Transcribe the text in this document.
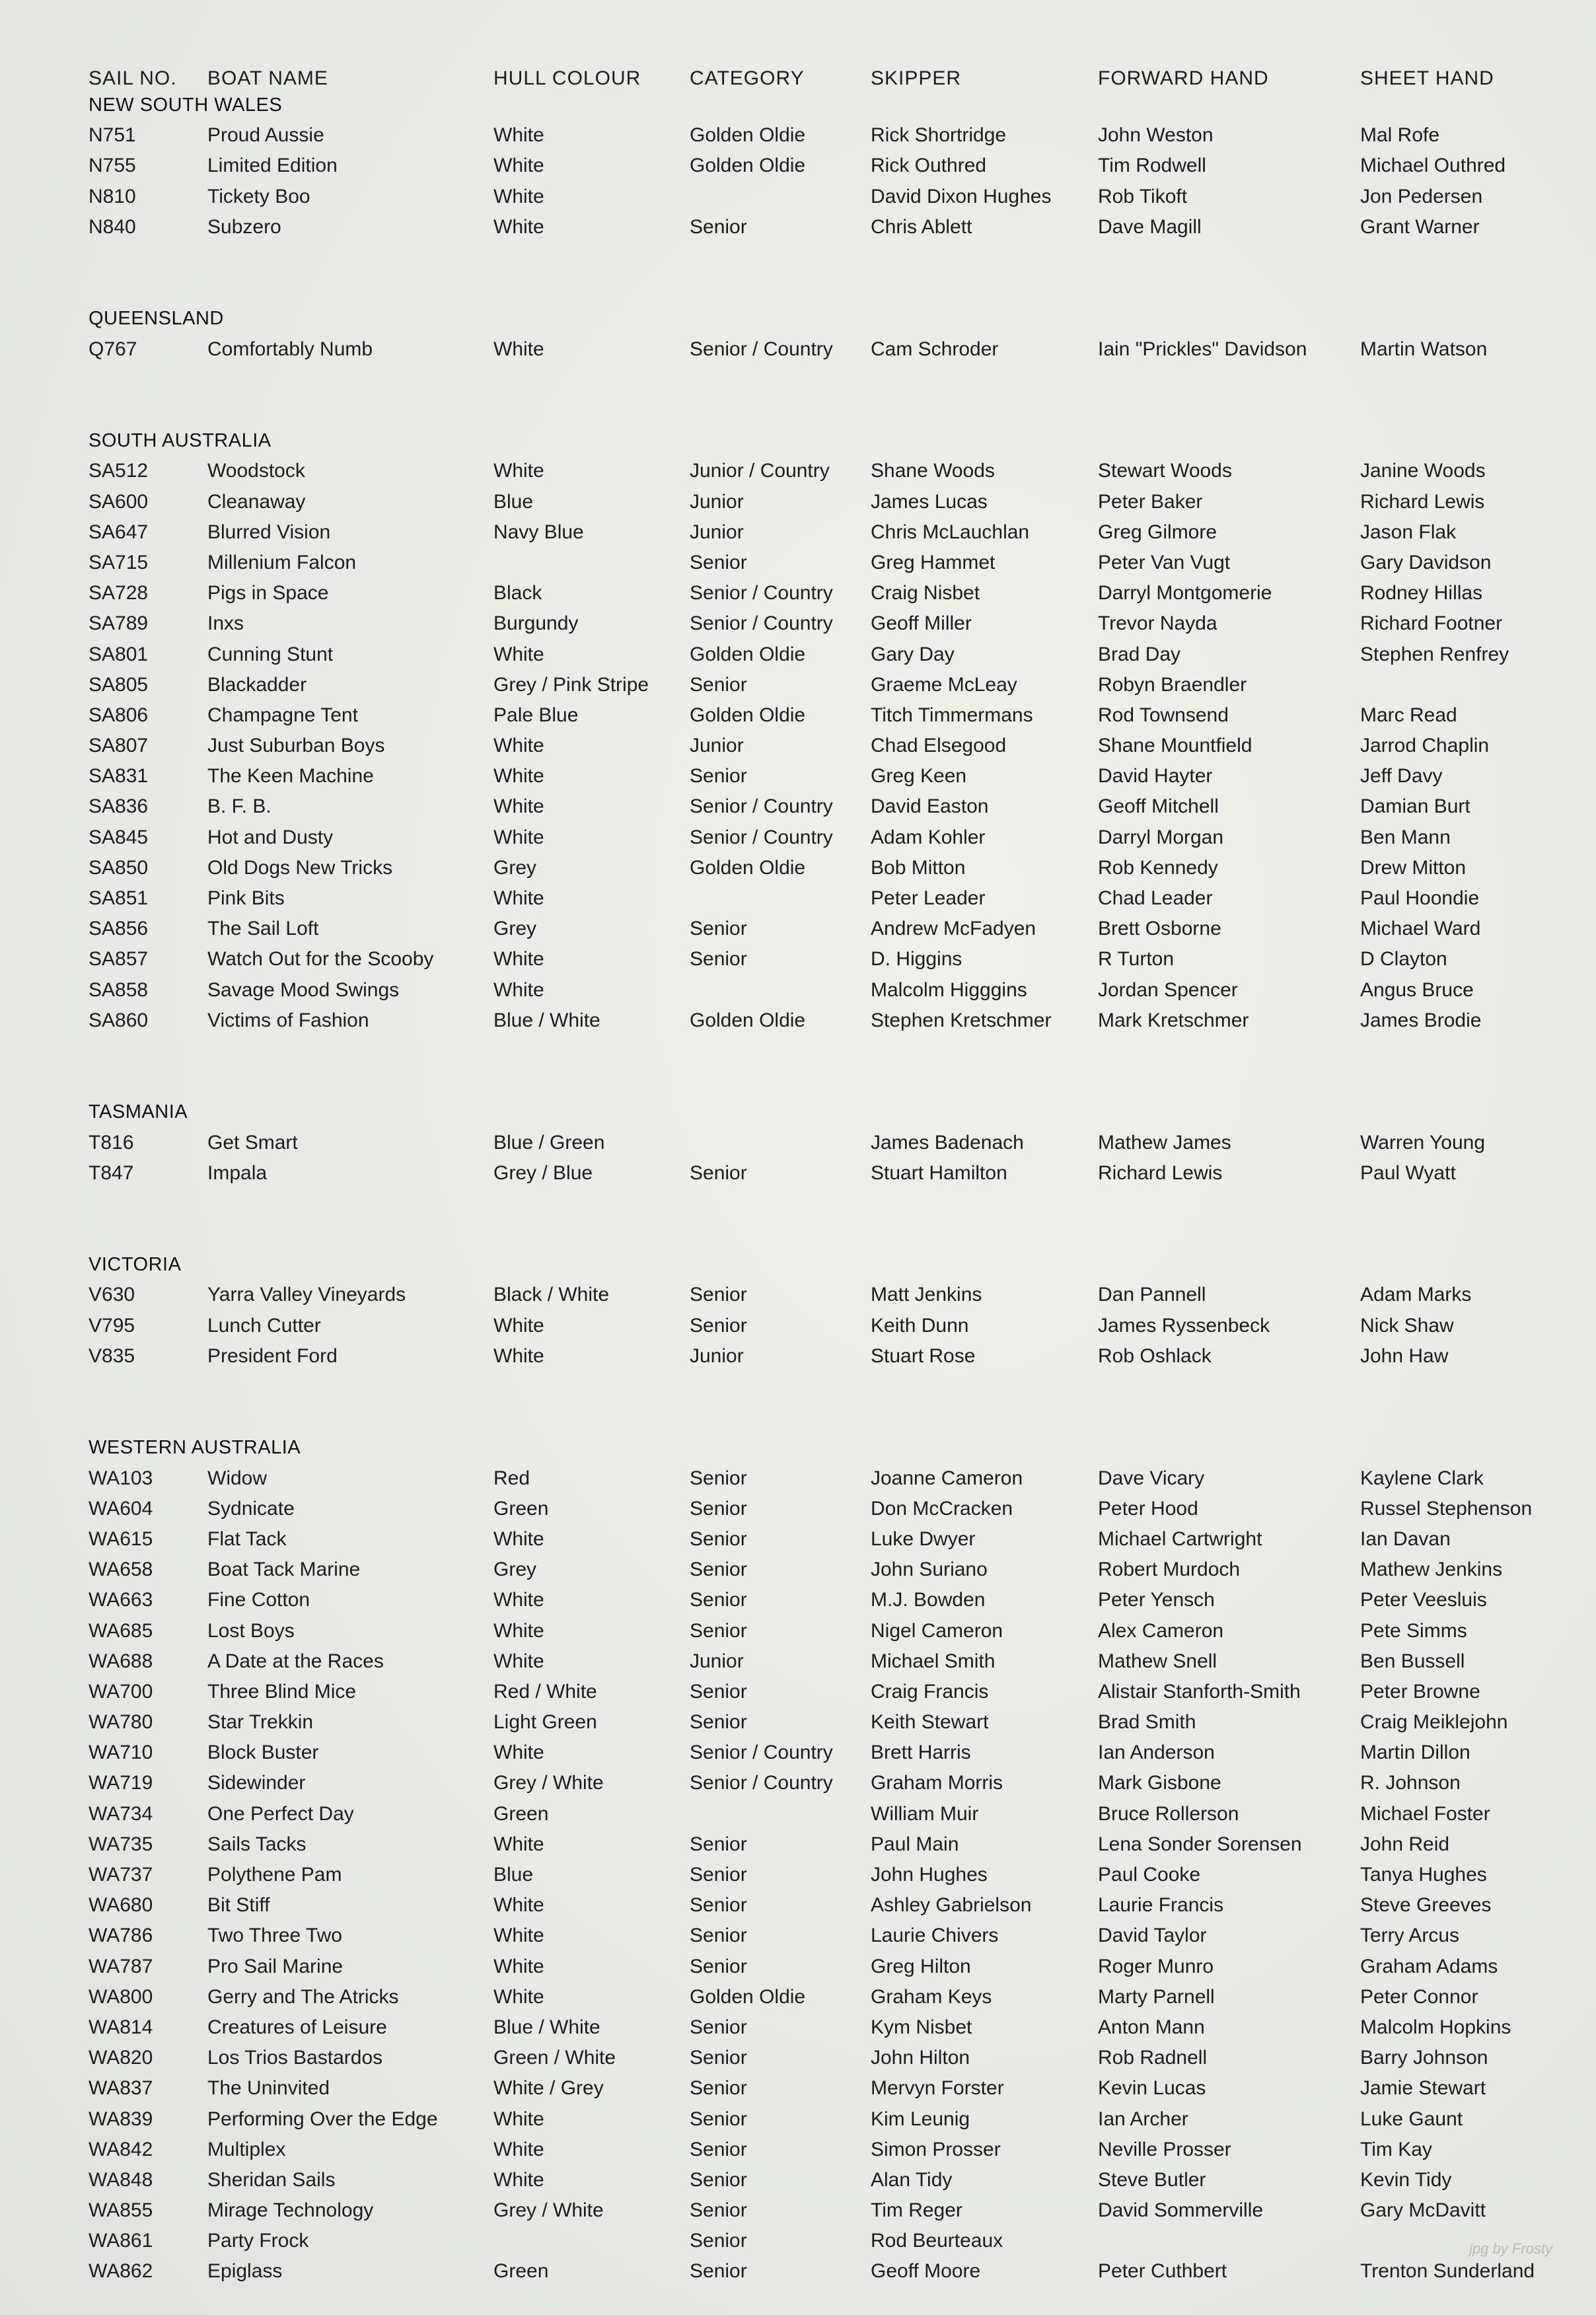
SAIL NO.	BOAT NAME	HULL COLOUR	CATEGORY	SKIPPER	FORWARD HAND	SHEET HAND
NEW SOUTH WALES						
N751	Proud Aussie	White	Golden Oldie	Rick Shortridge	John Weston	Mal Rofe
N755	Limited Edition	White	Golden Oldie	Rick Outhred	Tim Rodwell	Michael Outhred
N810	Tickety Boo	White		David Dixon Hughes	Rob Tikoft	Jon Pedersen
N840	Subzero	White	Senior	Chris Ablett	Dave Magill	Grant Warner

QUEENSLAND						
Q767	Comfortably Numb	White	Senior / Country	Cam Schroder	Iain "Prickles" Davidson	Martin Watson

SOUTH AUSTRALIA						
SA512	Woodstock	White	Junior / Country	Shane Woods	Stewart Woods	Janine Woods
SA600	Cleanaway	Blue	Junior	James Lucas	Peter Baker	Richard Lewis
SA647	Blurred Vision	Navy Blue	Junior	Chris McLauchlan	Greg Gilmore	Jason Flak
SA715	Millenium Falcon		Senior	Greg Hammet	Peter Van Vugt	Gary Davidson
SA728	Pigs in Space	Black	Senior / Country	Craig Nisbet	Darryl Montgomerie	Rodney Hillas
SA789	Inxs	Burgundy	Senior / Country	Geoff Miller	Trevor Nayda	Richard Footner
SA801	Cunning Stunt	White	Golden Oldie	Gary Day	Brad Day	Stephen Renfrey
SA805	Blackadder	Grey / Pink Stripe	Senior	Graeme McLeay	Robyn Braendler	
SA806	Champagne Tent	Pale Blue	Golden Oldie	Titch Timmermans	Rod Townsend	Marc Read
SA807	Just Suburban Boys	White	Junior	Chad Elsegood	Shane Mountfield	Jarrod Chaplin
SA831	The Keen Machine	White	Senior	Greg Keen	David Hayter	Jeff Davy
SA836	B. F. B.	White	Senior / Country	David Easton	Geoff Mitchell	Damian Burt
SA845	Hot and Dusty	White	Senior / Country	Adam Kohler	Darryl Morgan	Ben Mann
SA850	Old Dogs New Tricks	Grey	Golden Oldie	Bob Mitton	Rob Kennedy	Drew Mitton
SA851	Pink Bits	White		Peter Leader	Chad Leader	Paul Hoondie
SA856	The Sail Loft	Grey	Senior	Andrew McFadyen	Brett Osborne	Michael Ward
SA857	Watch Out for the Scooby	White	Senior	D. Higgins	R Turton	D Clayton
SA858	Savage Mood Swings	White		Malcolm Higggins	Jordan Spencer	Angus Bruce
SA860	Victims of Fashion	Blue / White	Golden Oldie	Stephen Kretschmer	Mark Kretschmer	James Brodie

TASMANIA						
T816	Get Smart	Blue / Green		James Badenach	Mathew James	Warren Young
T847	Impala	Grey / Blue	Senior	Stuart Hamilton	Richard Lewis	Paul Wyatt

VICTORIA						
V630	Yarra Valley Vineyards	Black / White	Senior	Matt Jenkins	Dan Pannell	Adam Marks
V795	Lunch Cutter	White	Senior	Keith Dunn	James Ryssenbeck	Nick Shaw
V835	President Ford	White	Junior	Stuart Rose	Rob Oshlack	John Haw

WESTERN AUSTRALIA						
WA103	Widow	Red	Senior	Joanne Cameron	Dave Vicary	Kaylene Clark
WA604	Sydnicate	Green	Senior	Don McCracken	Peter Hood	Russel Stephenson
WA615	Flat Tack	White	Senior	Luke Dwyer	Michael Cartwright	Ian Davan
WA658	Boat Tack Marine	Grey	Senior	John Suriano	Robert Murdoch	Mathew Jenkins
WA663	Fine Cotton	White	Senior	M.J. Bowden	Peter Yensch	Peter Veesluis
WA685	Lost Boys	White	Senior	Nigel Cameron	Alex Cameron	Pete Simms
WA688	A Date at the Races	White	Junior	Michael Smith	Mathew Snell	Ben Bussell
WA700	Three Blind Mice	Red / White	Senior	Craig Francis	Alistair Stanforth-Smith	Peter Browne
WA780	Star Trekkin	Light Green	Senior	Keith Stewart	Brad Smith	Craig Meiklejohn
WA710	Block Buster	White	Senior / Country	Brett Harris	Ian Anderson	Martin Dillon
WA719	Sidewinder	Grey / White	Senior / Country	Graham Morris	Mark Gisbone	R. Johnson
WA734	One Perfect Day	Green		William Muir	Bruce Rollerson	Michael Foster
WA735	Sails Tacks	White	Senior	Paul Main	Lena Sonder Sorensen	John Reid
WA737	Polythene Pam	Blue	Senior	John Hughes	Paul Cooke	Tanya Hughes
WA680	Bit Stiff	White	Senior	Ashley Gabrielson	Laurie Francis	Steve Greeves
WA786	Two Three Two	White	Senior	Laurie Chivers	David Taylor	Terry Arcus
WA787	Pro Sail Marine	White	Senior	Greg Hilton	Roger Munro	Graham Adams
WA800	Gerry and The Atricks	White	Golden Oldie	Graham Keys	Marty Parnell	Peter Connor
WA814	Creatures of Leisure	Blue / White	Senior	Kym Nisbet	Anton Mann	Malcolm Hopkins
WA820	Los Trios Bastardos	Green / White	Senior	John Hilton	Rob Radnell	Barry Johnson
WA837	The Uninvited	White / Grey	Senior	Mervyn Forster	Kevin Lucas	Jamie Stewart
WA839	Performing Over the Edge	White	Senior	Kim Leunig	Ian Archer	Luke Gaunt
WA842	Multiplex	White	Senior	Simon Prosser	Neville Prosser	Tim Kay
WA848	Sheridan Sails	White	Senior	Alan Tidy	Steve Butler	Kevin Tidy
WA855	Mirage Technology	Grey / White	Senior	Tim Reger	David Sommerville	Gary McDavitt
WA861	Party Frock		Senior	Rod Beurteaux		
WA862	Epiglass	Green	Senior	Geoff Moore	Peter Cuthbert	Trenton Sunderland
jpg by Frosty
